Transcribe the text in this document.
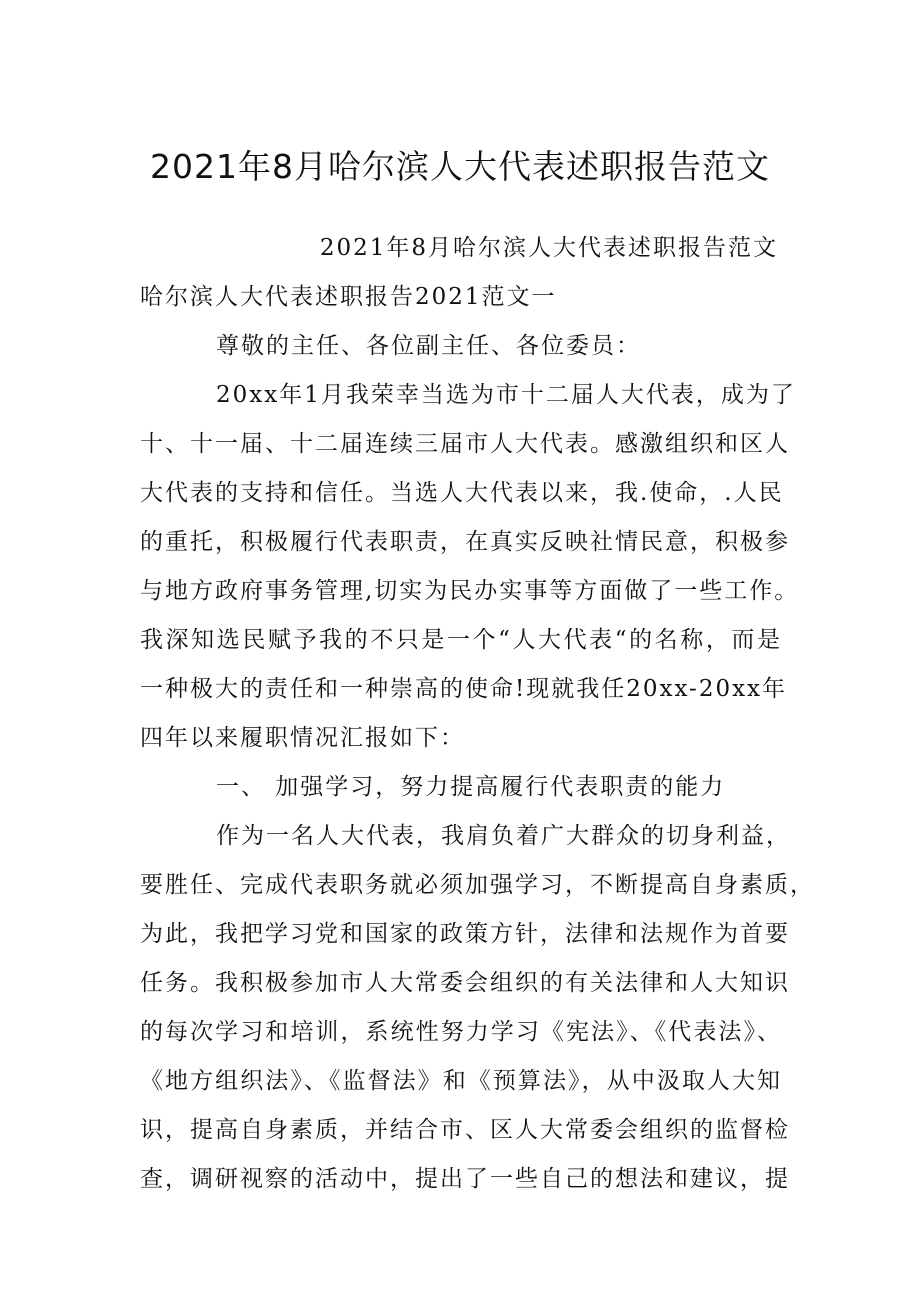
2021年8月哈尔滨人大代表述职报告范文
2021年8月哈尔滨人大代表述职报告范文
哈尔滨人大代表述职报告2021范文一
尊敬的主任、各位副主任、各位委员：
20xx年1月我荣幸当选为市十二届人大代表，成为了
十、十一届、十二届连续三届市人大代表。感激组织和区人
大代表的支持和信任。当选人大代表以来，我.使命，.人民
的重托，积极履行代表职责，在真实反映社情民意，积极参
与地方政府事务管理,切实为民办实事等方面做了一些工作。
我深知选民赋予我的不只是一个“人大代表“的名称，而是
一种极大的责任和一种崇高的使命!现就我任20xx-20xx年
四年以来履职情况汇报如下：
一、 加强学习，努力提高履行代表职责的能力
作为一名人大代表，我肩负着广大群众的切身利益，
要胜任、完成代表职务就必须加强学习，不断提高自身素质，
为此，我把学习党和国家的政策方针，法律和法规作为首要
任务。我积极参加市人大常委会组织的有关法律和人大知识
的每次学习和培训，系统性努力学习《宪法》、《代表法》、
《地方组织法》、《监督法》和《预算法》，从中汲取人大知
识，提高自身素质，并结合市、区人大常委会组织的监督检
查，调研视察的活动中，提出了一些自己的想法和建议，提
